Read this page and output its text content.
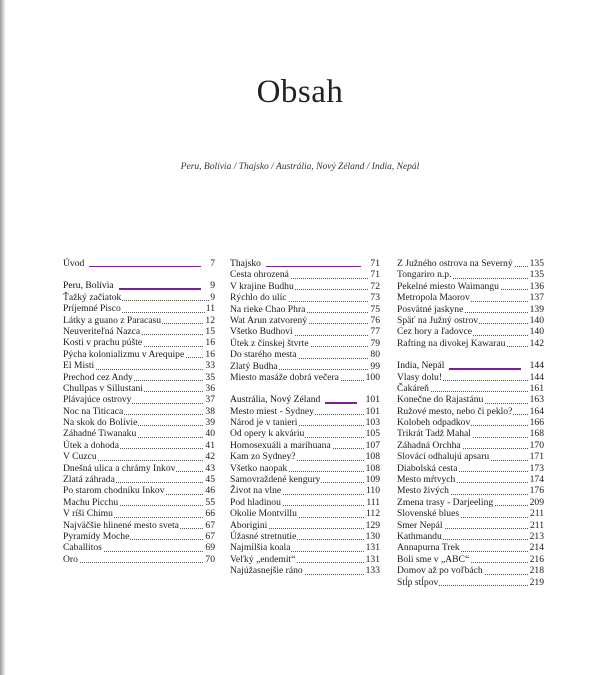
Obsah
Peru, Bolívia / Thajsko / Austrália, Nový Zéland / India, Nepál
Úvod	7
Peru, Bolívia	9
Ťažký začiatok	9
Príjemné Pisco	11
Látky a guano z Paracasu	12
Neuveriteľná Nazca	15
Kosti v prachu púšte	16
Pýcha kolonializmu v Arequipe 16
El Misti	33
Prechod cez Andy	35
Chullpas v Sillustani	36
Plávajúce ostrovy	37
Noc na Titicaca	38
Na skok do Bolívie	39
Záhadné Tiwanaku	40
Útek a dohoda	41
V Cuzcu	42
Dnešná ulica a chrámy Inkov	43
Zlatá záhrada	45
Po starom chodníku Inkov	46
Machu Picchu	55
V ríši Chimu	66
Najväčšie hlinené mesto sveta	67
Pyramídy Moche	67
Caballitos	69
Oro	70
Thajsko	71
Cesta ohrozená	71
V krajine Budhu	72
Rýchlo do ulíc	73
Na rieke Chao Phra	75
Wat Arun zatvorený	76
Všetko Budhovi	77
Útek z čínskej štvrte	79
Do starého mesta	80
Zlatý Budha	99
Miesto masáže dobrá večera	100
Austrália, Nový Zéland	101
Mesto miest - Sydney	101
Národ je v tanieri	103
Od opery k akváriu	105
Homosexuáli a marihuana	107
Kam zo Sydney?	108
Všetko naopak	108
Samovraždené kengury	109
Život na vlne	110
Pod hladinou	111
Okolie Montvillu	112
Aborigini	129
Úžasné stretnutie	130
Najmilšia koala	131
Veľký „endemit“	131
Najúžasnejšie ráno	133
Z Južného ostrova na Severný 135
Tongariro n.p.	135
Pekelné miesto Waimangu	136
Metropola Maorov	137
Posvätné jaskyne	139
Späť na Južný ostrov	140
Cez hory a ľadovce	140
Rafting na divokej Kawarau	142
India, Nepál	144
Vlasy dolu!	144
Čakáreň	161
Konečne do Rajastánu	163
Ružové mesto, nebo či peklo? 164
Kolobeh odpadkov	166
Trikrát Tadž Mahal	168
Záhadná Orchha	170
Slovácí odhalujú apsaru	171
Diabolská cesta	173
Mesto mŕtvych	174
Mesto živých	176
Zmena trasy - Darjeeling	209
Slovenské blues	211
Smer Nepál	211
Kathmandu	213
Annapurna Trek	214
Boli sme v „ABC“	216
Domov až po voľbách	218
Stĺp stĺpov	219
